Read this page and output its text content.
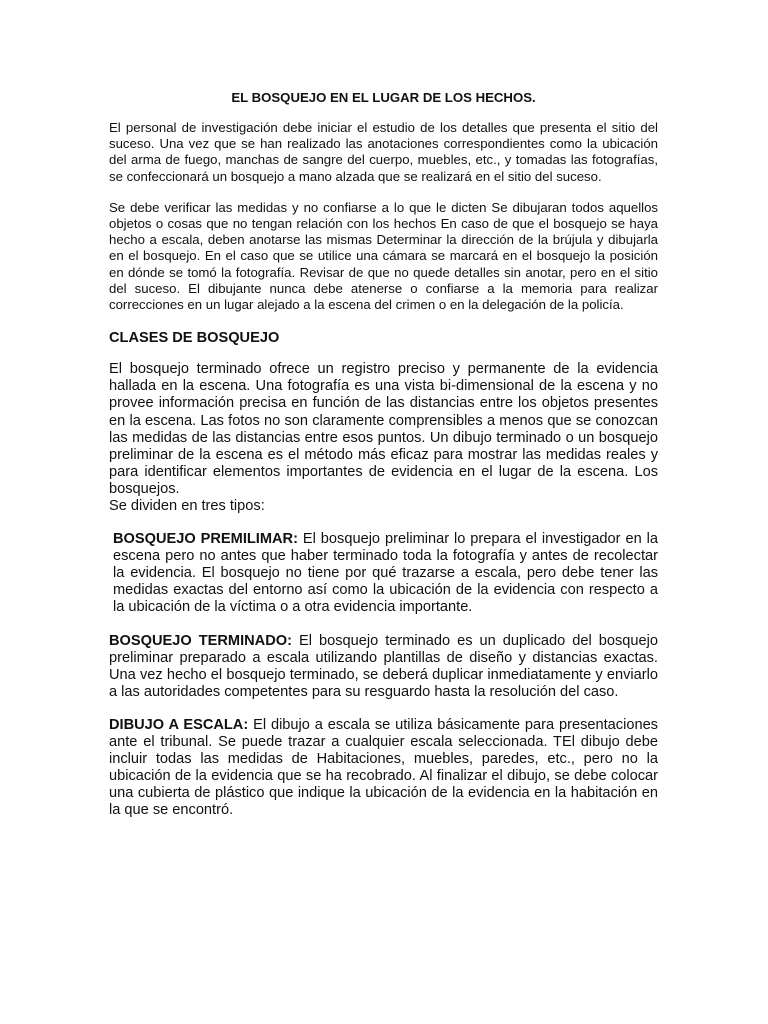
EL BOSQUEJO EN EL LUGAR DE LOS HECHOS.

El personal de investigación debe iniciar el estudio de los detalles que presenta el sitio del suceso. Una vez que se han realizado las anotaciones correspondientes como la ubicación del arma de fuego, manchas de sangre del cuerpo, muebles, etc., y tomadas las fotografías, se confeccionará un bosquejo a mano alzada que se realizará en el sitio del suceso.

Se debe verificar las medidas y no confiarse a lo que le dicten Se dibujaran todos aquellos objetos o cosas que no tengan relación con los hechos En caso de que el bosquejo se haya hecho a escala, deben anotarse las mismas Determinar la dirección de la brújula y dibujarla en el bosquejo. En el caso que se utilice una cámara se marcará en el bosquejo la posición en dónde se tomó la fotografía. Revisar de que no quede detalles sin anotar, pero en el sitio del suceso. El dibujante nunca debe atenerse o confiarse a la memoria para realizar correcciones en un lugar alejado a la escena del crimen o en la delegación de la policía.

CLASES DE BOSQUEJO

El bosquejo terminado ofrece un registro preciso y permanente de la evidencia hallada en la escena. Una fotografía es una vista bi-dimensional de la escena y no provee información precisa en función de las distancias entre los objetos presentes en la escena. Las fotos no son claramente comprensibles a menos que se conozcan las medidas de las distancias entre esos puntos. Un dibujo terminado o un bosquejo preliminar de la escena es el método más eficaz para mostrar las medidas reales y para identificar elementos importantes de evidencia en el lugar de la escena. Los bosquejos.

Se dividen en tres tipos:

BOSQUEJO PREMILIMAR: El bosquejo preliminar lo prepara el investigador en la escena pero no antes que haber terminado toda la fotografía y antes de recolectar la evidencia. El bosquejo no tiene por qué trazarse a escala, pero debe tener las medidas exactas del entorno así como la ubicación de la evidencia con respecto a la ubicación de la víctima o a otra evidencia importante.

BOSQUEJO TERMINADO: El bosquejo terminado es un duplicado del bosquejo preliminar preparado a escala utilizando plantillas de diseño y distancias exactas. Una vez hecho el bosquejo terminado, se deberá duplicar inmediatamente y enviarlo a las autoridades competentes para su resguardo hasta la resolución del caso.

DIBUJO A ESCALA: El dibujo a escala se utiliza básicamente para presentaciones ante el tribunal. Se puede trazar a cualquier escala seleccionada. TEl dibujo debe incluir todas las medidas de Habitaciones, muebles, paredes, etc., pero no la ubicación de la evidencia que se ha recobrado. Al finalizar el dibujo, se debe colocar una cubierta de plástico que indique la ubicación de la evidencia en la habitación en la que se encontró.
